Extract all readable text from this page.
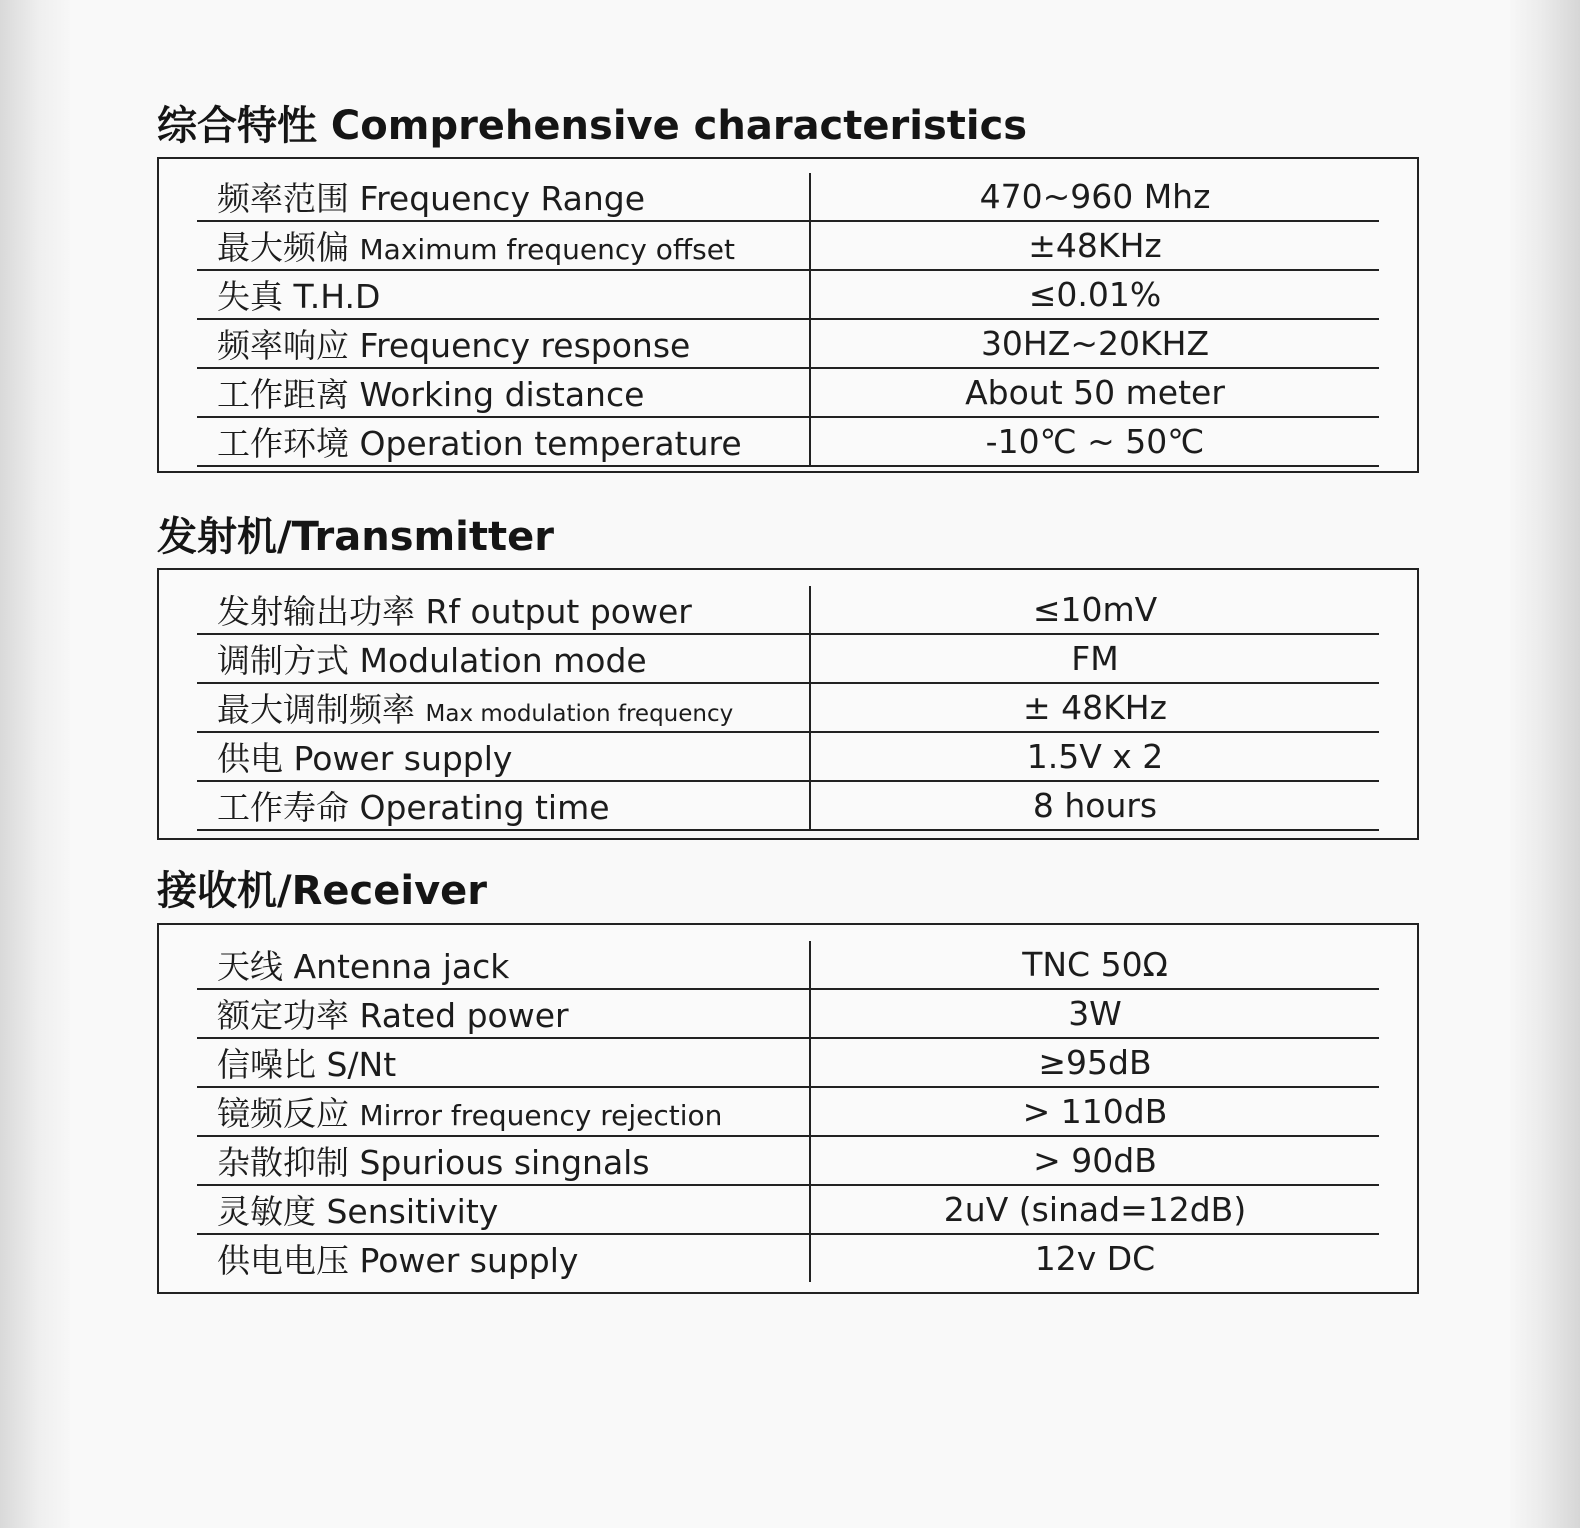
综合特性 Comprehensive characteristics
频率范围 Frequency Range	470~960 Mhz
最大频偏 Maximum frequency offset	±48KHz
失真 T.H.D	≤0.01%
频率响应 Frequency response	30HZ~20KHZ
工作距离 Working distance	About 50 meter
工作环境 Operation temperature	-10℃ ~ 50℃
发射机/Transmitter
发射输出功率 Rf output power	≤10mV
调制方式 Modulation mode	FM
最大调制频率 Max modulation frequency	± 48KHz
供电 Power supply	1.5V x 2
工作寿命 Operating time	8 hours
接收机/Receiver
天线 Antenna jack	TNC 50Ω
额定功率 Rated power	3W
信噪比 S/Nt	≥95dB
镜频反应 Mirror frequency rejection	> 110dB
杂散抑制 Spurious singnals	> 90dB
灵敏度 Sensitivity	2uV (sinad=12dB)
供电电压 Power supply	12v DC
